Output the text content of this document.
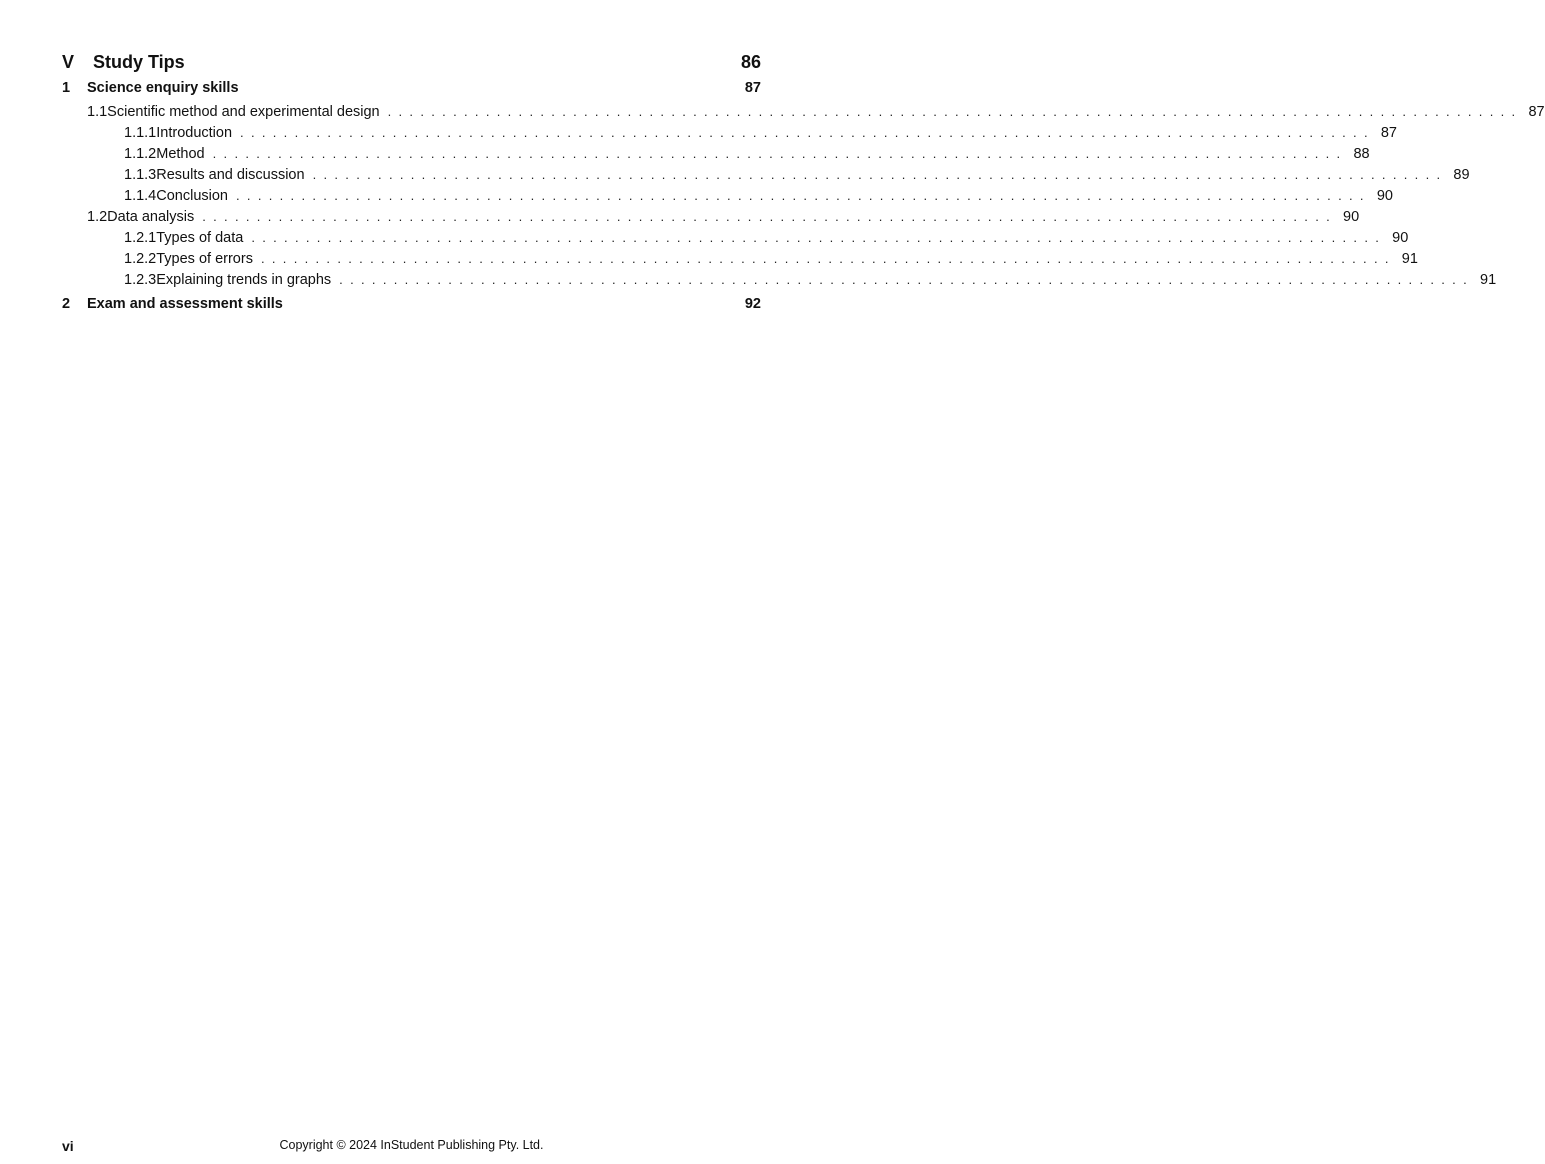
V	Study Tips	86
1	Science enquiry skills	87
1.1 Scientific method and experimental design ........................................................................................................ 87
1.1.1 Introduction ........................................................................................................ 87
1.1.2 Method ........................................................................................................ 88
1.1.3 Results and discussion ........................................................................................................ 89
1.1.4 Conclusion ........................................................................................................ 90
1.2 Data analysis ........................................................................................................ 90
1.2.1 Types of data ........................................................................................................ 90
1.2.2 Types of errors ........................................................................................................ 91
1.2.3 Explaining trends in graphs ........................................................................................................ 91
2	Exam and assessment skills	92
vi	Copyright © 2024 InStudent Publishing Pty. Ltd.
